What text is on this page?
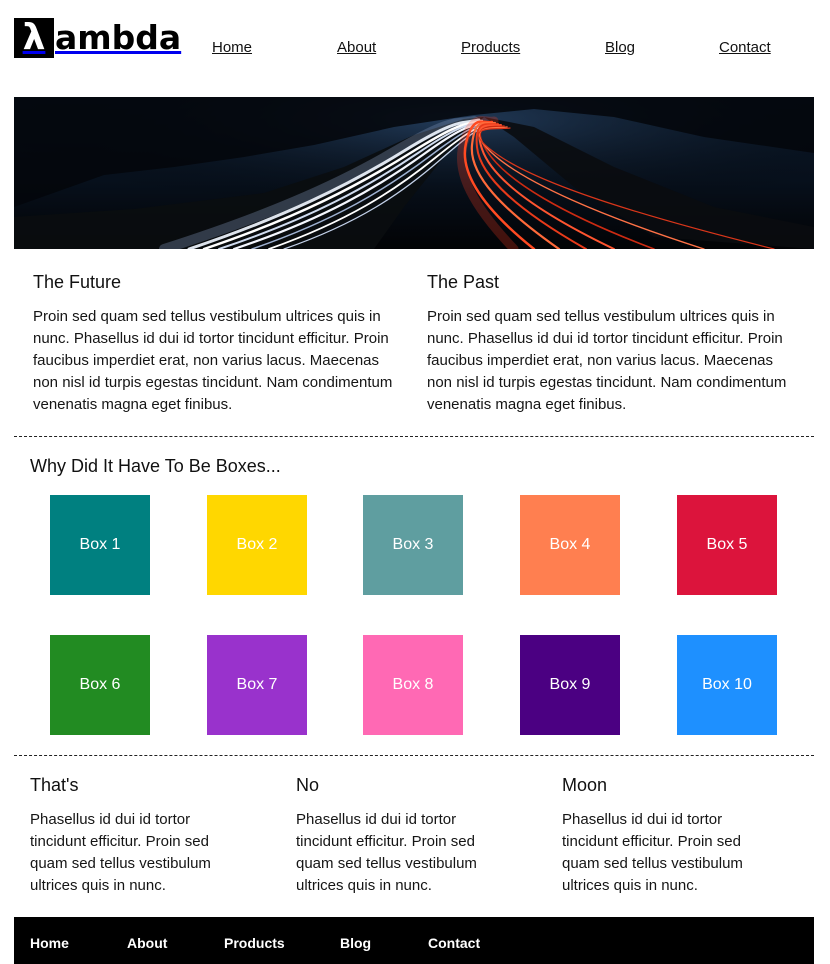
λ ambda Home	About	Products	Blog	Contact
The Future

Proin sed quam sed tellus vestibulum ultrices quis in nunc. Phasellus id dui id tortor tincidunt efficitur. Proin faucibus imperdiet erat, non varius lacus. Maecenas non nisl id turpis egestas tincidunt. Nam condimentum venenatis magna eget finibus.

The Past

Proin sed quam sed tellus vestibulum ultrices quis in nunc. Phasellus id dui id tortor tincidunt efficitur. Proin faucibus imperdiet erat, non varius lacus. Maecenas non nisl id turpis egestas tincidunt. Nam condimentum venenatis magna eget finibus.

Why Did It Have To Be Boxes...
Box 1	Box 2	Box 3	Box 4	Box 5
Box 6	Box 7	Box 8	Box 9	Box 10
That's

Phasellus id dui id tortor tincidunt efficitur. Proin sed quam sed tellus vestibulum ultrices quis in nunc.

No

Phasellus id dui id tortor tincidunt efficitur. Proin sed quam sed tellus vestibulum ultrices quis in nunc.

Moon

Phasellus id dui id tortor tincidunt efficitur. Proin sed quam sed tellus vestibulum ultrices quis in nunc.

Home	About	Products	Blog	Contact
